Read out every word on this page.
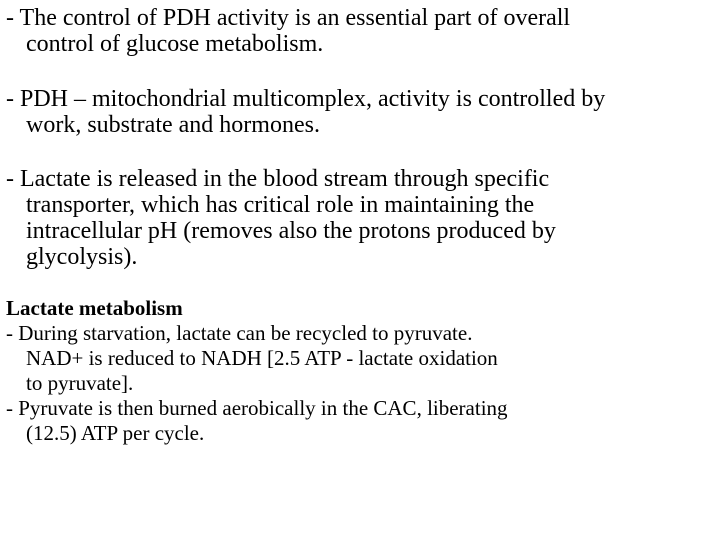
- The control of PDH activity is an essential part of overall
control of glucose metabolism.
- PDH – mitochondrial multicomplex, activity is controlled by
work, substrate and hormones.
- Lactate is released in the blood stream through specific
transporter, which has critical role in maintaining the
intracellular pH (removes also the protons produced by
glycolysis).
Lactate metabolism
- During starvation, lactate can be recycled to pyruvate.
NAD+ is reduced to NADH [2.5 ATP - lactate oxidation
to pyruvate].
- Pyruvate is then burned aerobically in the CAC, liberating
(12.5) ATP per cycle.
